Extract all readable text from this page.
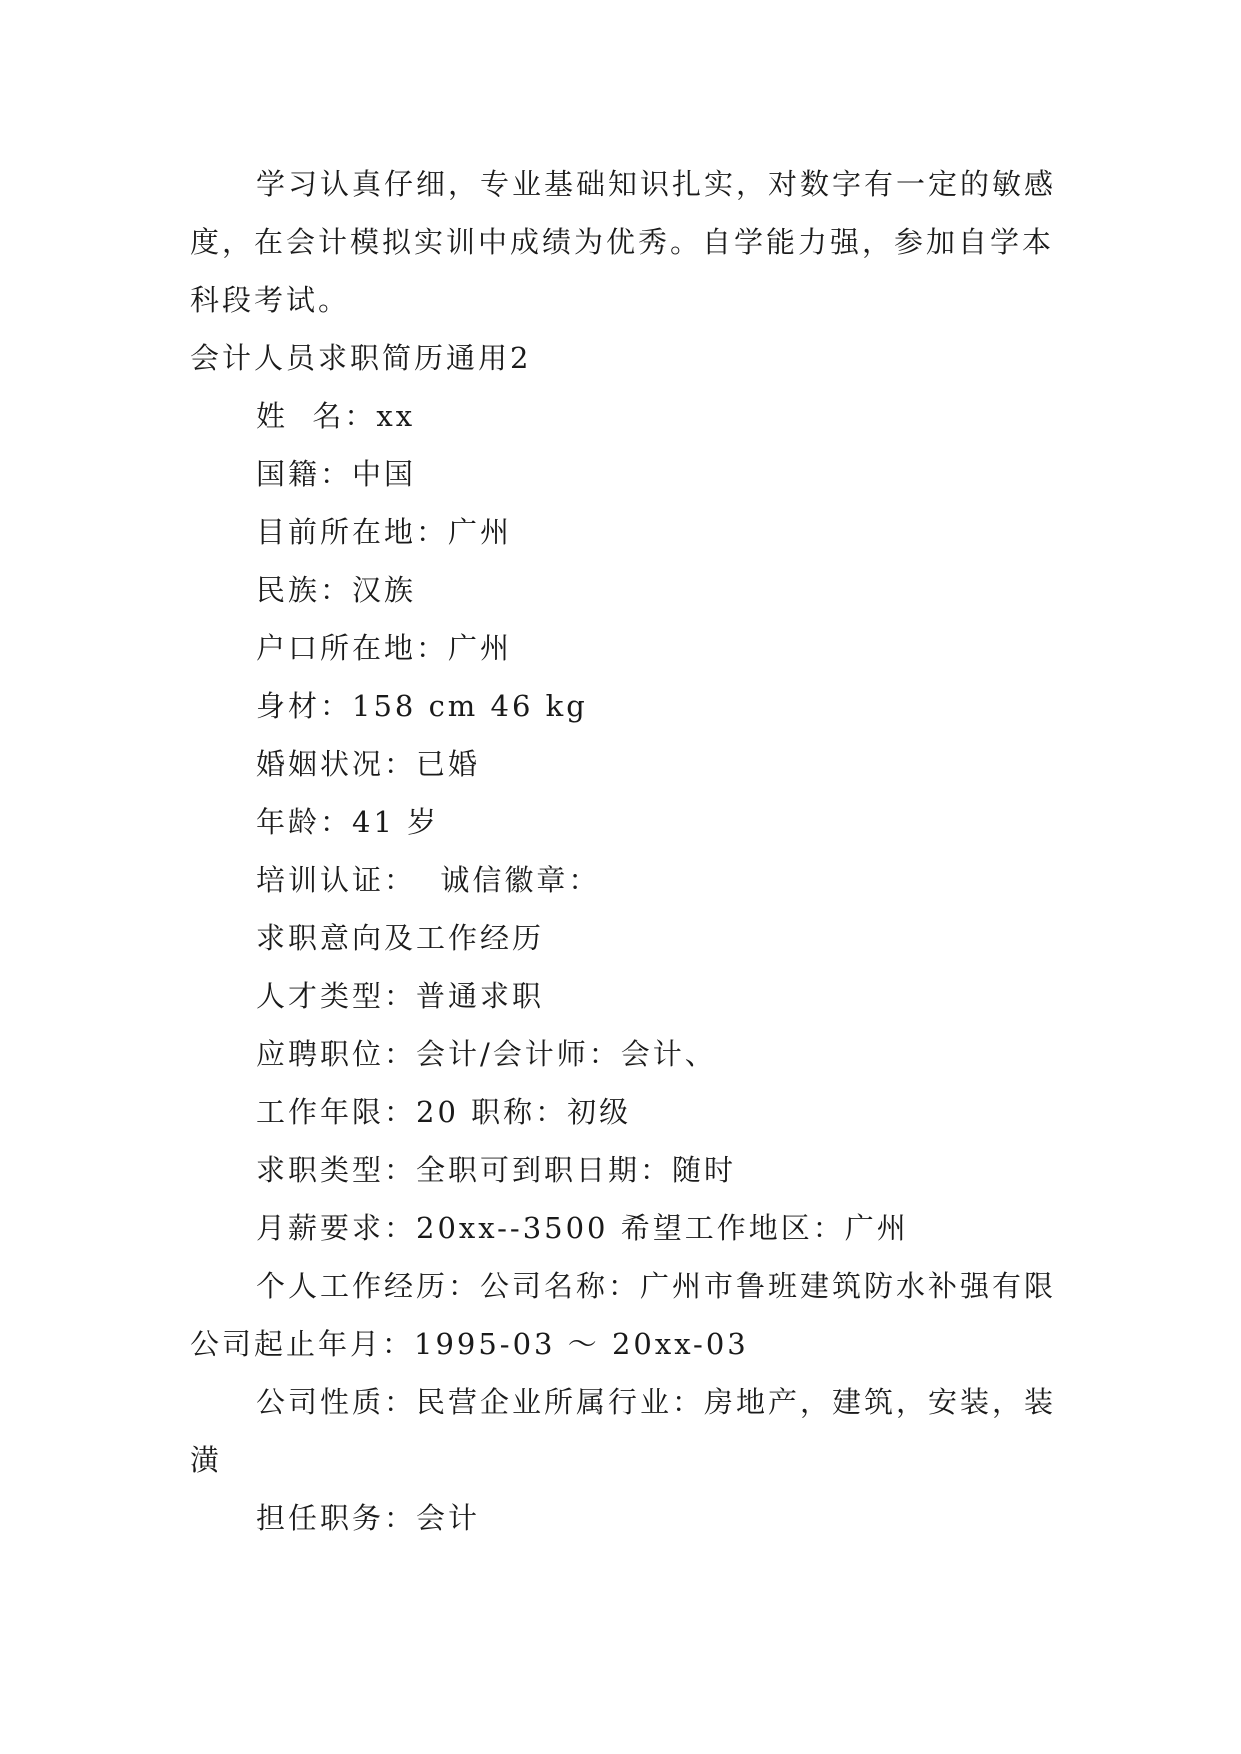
学习认真仔细，专业基础知识扎实，对数字有一定的敏感度，在会计模拟实训中成绩为优秀。自学能力强，参加自学本科段考试。

会计人员求职简历通用2

姓  名：xx

国籍：中国

目前所在地：广州

民族：汉族

户口所在地：广州

身材：158 cm 46 kg

婚姻状况：已婚

年龄：41 岁

培训认证：  诚信徽章：

求职意向及工作经历

人才类型：普通求职

应聘职位：会计/会计师：会计、

工作年限：20 职称：初级

求职类型：全职可到职日期：随时

月薪要求：20xx--3500 希望工作地区：广州

个人工作经历：公司名称：广州市鲁班建筑防水补强有限公司起止年月：1995-03 ～ 20xx-03

公司性质：民营企业所属行业：房地产，建筑，安装，装潢

担任职务：会计
